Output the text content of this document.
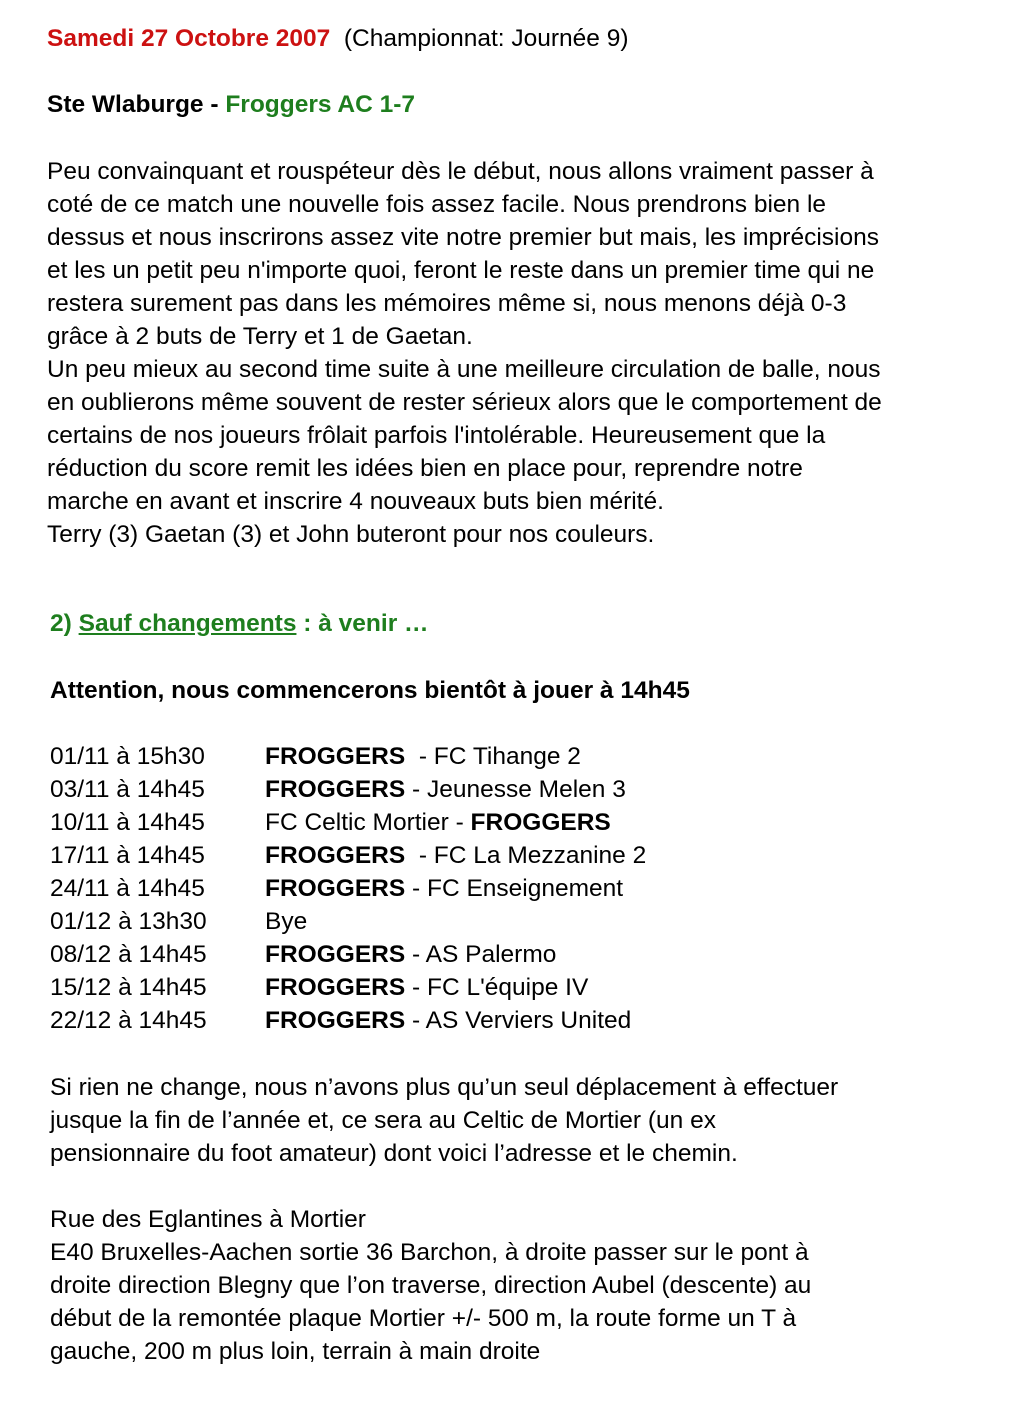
Samedi 27 Octobre 2007 (Championnat: Journée 9)

Ste Wlaburge - Froggers AC 1-7

Peu convainquant et rouspéteur dès le début, nous allons vraiment passer à

coté de ce match une nouvelle fois assez facile. Nous prendrons bien le

dessus et nous inscrirons assez vite notre premier but mais, les imprécisions

et les un petit peu n'importe quoi, feront le reste dans un premier time qui ne

restera surement pas dans les mémoires même si, nous menons déjà 0-3

grâce à 2 buts de Terry et 1 de Gaetan.

Un peu mieux au second time suite à une meilleure circulation de balle, nous

en oublierons même souvent de rester sérieux alors que le comportement de

certains de nos joueurs frôlait parfois l'intolérable. Heureusement que la

réduction du score remit les idées bien en place pour, reprendre notre

marche en avant et inscrire 4 nouveaux buts bien mérité.

Terry (3) Gaetan (3) et John buteront pour nos couleurs.

2) Sauf changements : à venir …

Attention, nous commencerons bientôt à jouer à 14h45

01/11 à 15h30	FROGGERS  - FC Tihange 2
03/11 à 14h45	FROGGERS - Jeunesse Melen 3
10/11 à 14h45	FC Celtic Mortier - FROGGERS
17/11 à 14h45	FROGGERS  - FC La Mezzanine 2
24/11 à 14h45	FROGGERS - FC Enseignement
01/12 à 13h30	Bye
08/12 à 14h45	FROGGERS - AS Palermo
15/12 à 14h45	FROGGERS - FC L'équipe IV
22/12 à 14h45	FROGGERS - AS Verviers United

Si rien ne change, nous n’avons plus qu’un seul déplacement à effectuer

jusque la fin de l’année et, ce sera au Celtic de Mortier (un ex

pensionnaire du foot amateur) dont voici l’adresse et le chemin.

Rue des Eglantines à Mortier

E40 Bruxelles-Aachen sortie 36 Barchon, à droite passer sur le pont à

droite direction Blegny que l’on traverse, direction Aubel (descente) au

début de la remontée plaque Mortier +/- 500 m, la route forme un T à

gauche, 200 m plus loin, terrain à main droite
